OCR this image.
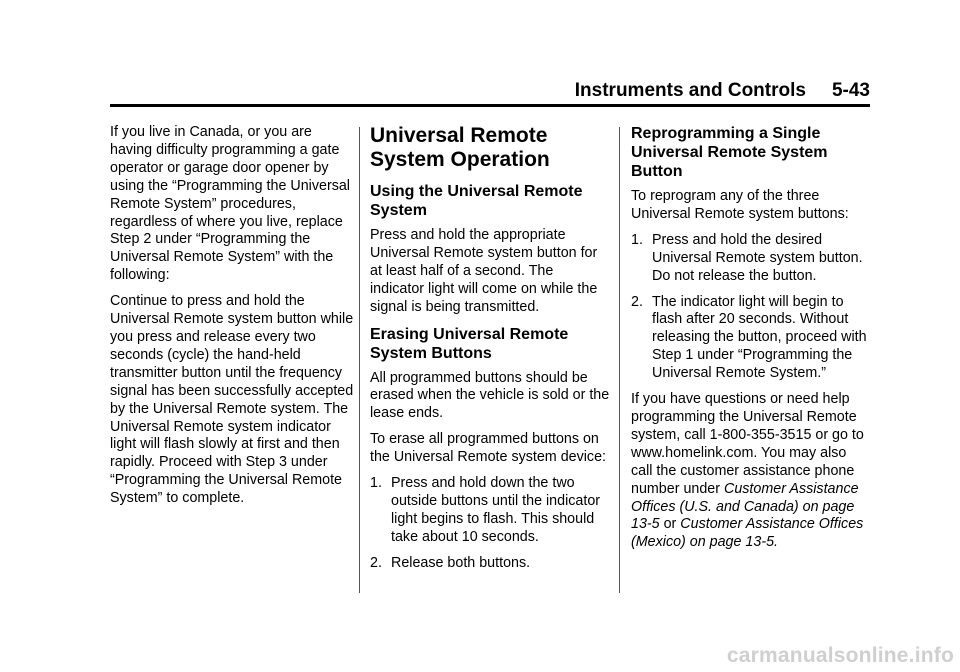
Instruments and Controls 5-43

If you live in Canada, or you are having difficulty programming a gate operator or garage door opener by using the “Programming the Universal Remote System” procedures, regardless of where you live, replace Step 2 under “Programming the Universal Remote System” with the following:

Continue to press and hold the Universal Remote system button while you press and release every two seconds (cycle) the hand-held transmitter button until the frequency signal has been successfully accepted by the Universal Remote system. The Universal Remote system indicator light will flash slowly at first and then rapidly. Proceed with Step 3 under “Programming the Universal Remote System” to complete.

Universal Remote System Operation
Using the Universal Remote System

Press and hold the appropriate Universal Remote system button for at least half of a second. The indicator light will come on while the signal is being transmitted.

Erasing Universal Remote System Buttons

All programmed buttons should be erased when the vehicle is sold or the lease ends.

To erase all programmed buttons on the Universal Remote system device:

1. Press and hold down the two outside buttons until the indicator light begins to flash. This should take about 10 seconds.
2. Release both buttons.
Reprogramming a Single Universal Remote System Button

To reprogram any of the three Universal Remote system buttons:

1. Press and hold the desired Universal Remote system button. Do not release the button.
2. The indicator light will begin to flash after 20 seconds. Without releasing the button, proceed with Step 1 under “Programming the Universal Remote System.”

If you have questions or need help programming the Universal Remote system, call 1-800-355-3515 or go to www.homelink.com. You may also call the customer assistance phone number under Customer Assistance Offices (U.S. and Canada) on page 13-5 or Customer Assistance Offices (Mexico) on page 13-5.

carmanualsonline.info
